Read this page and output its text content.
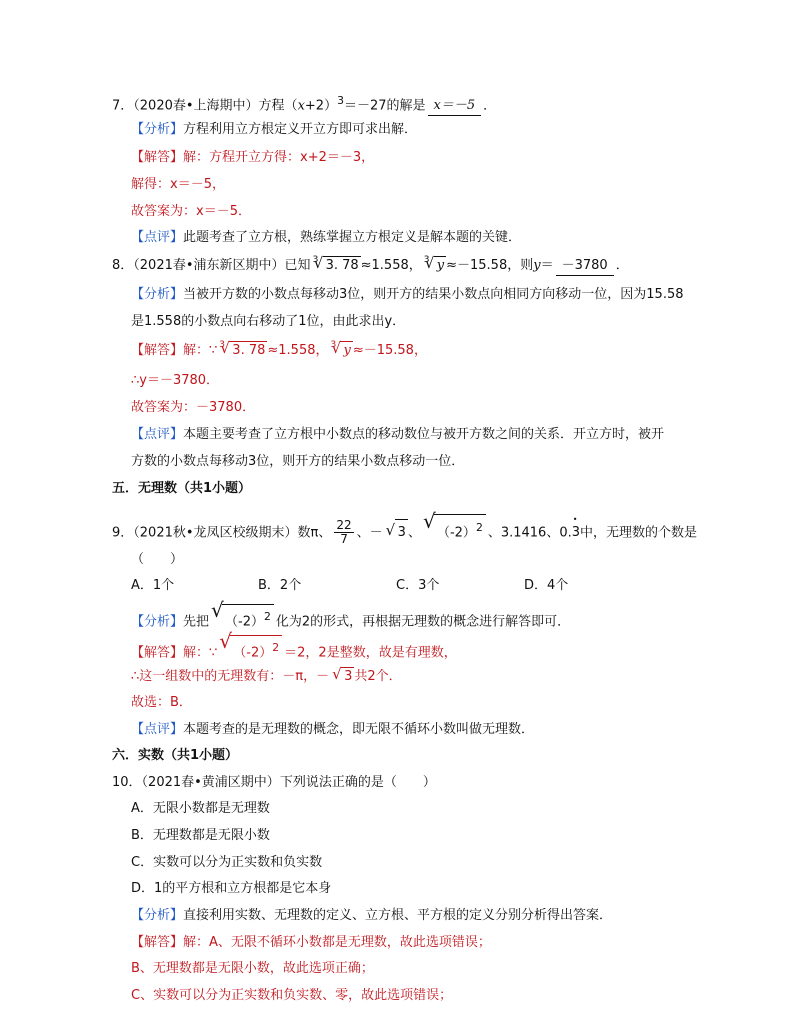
7．（2020春•上海期中）方程$(x+2)^3=-27$的解是 x＝－5 ．
【分析】方程利用立方根定义开立方即可求出解．
【解答】解：方程开立方得：x+2＝－3，
解得：x＝－5，
故答案为：x＝－5．
【点评】此题考查了立方根，熟练掌握立方根定义是解本题的关键．
8．（2021春•浦东新区期中）已知 3 √ 3. 78 ≈1.558， 3 √ y ≈－15.58，则y＝ －3780 ．
【分析】当被开方数的小数点每移动3位，则开方的结果小数点向相同方向移动一位，因为15.58
是1.558的小数点向右移动了1位，由此求出y．
【解答】解：∵ 3 √ 3. 78 ≈1.558， 3 √ y ≈－15.58，
∴y＝－3780．
故答案为：－3780．
【点评】本题主要考查了立方根中小数点的移动数位与被开方数之间的关系．开立方时，被开
方数的小数点每移动3位，则开方的结果小数点移动一位．
五．无理数（共1小题）
9．（2021秋•龙凤区校级期末）数π、 $\frac{22}{7}$ 、－ √ 3 、 √ $(-2)^2$ 、3.1416、0.• 3中，无理数的个数是
（　　）
A．1个	B．2个	C．3个	D．4个
【分析】先把 √ $(-2)^2$ 化为2的形式，再根据无理数的概念进行解答即可．
【解答】解：∵ √ $(-2)^2 =2$，2是整数，故是有理数，
∴这一组数中的无理数有：－π，－ √ 3 共2个．
故选：B．
【点评】本题考查的是无理数的概念，即无限不循环小数叫做无理数．
六．实数（共1小题）
10．（2021春•黄浦区期中）下列说法正确的是（　　）
A．无限小数都是无理数
B．无理数都是无限小数
C．实数可以分为正实数和负实数
D．1的平方根和立方根都是它本身
【分析】直接利用实数、无理数的定义、立方根、平方根的定义分别分析得出答案．
【解答】解：A、无限不循环小数都是无理数，故此选项错误；
B、无理数都是无限小数，故此选项正确；
C、实数可以分为正实数和负实数、零，故此选项错误；
